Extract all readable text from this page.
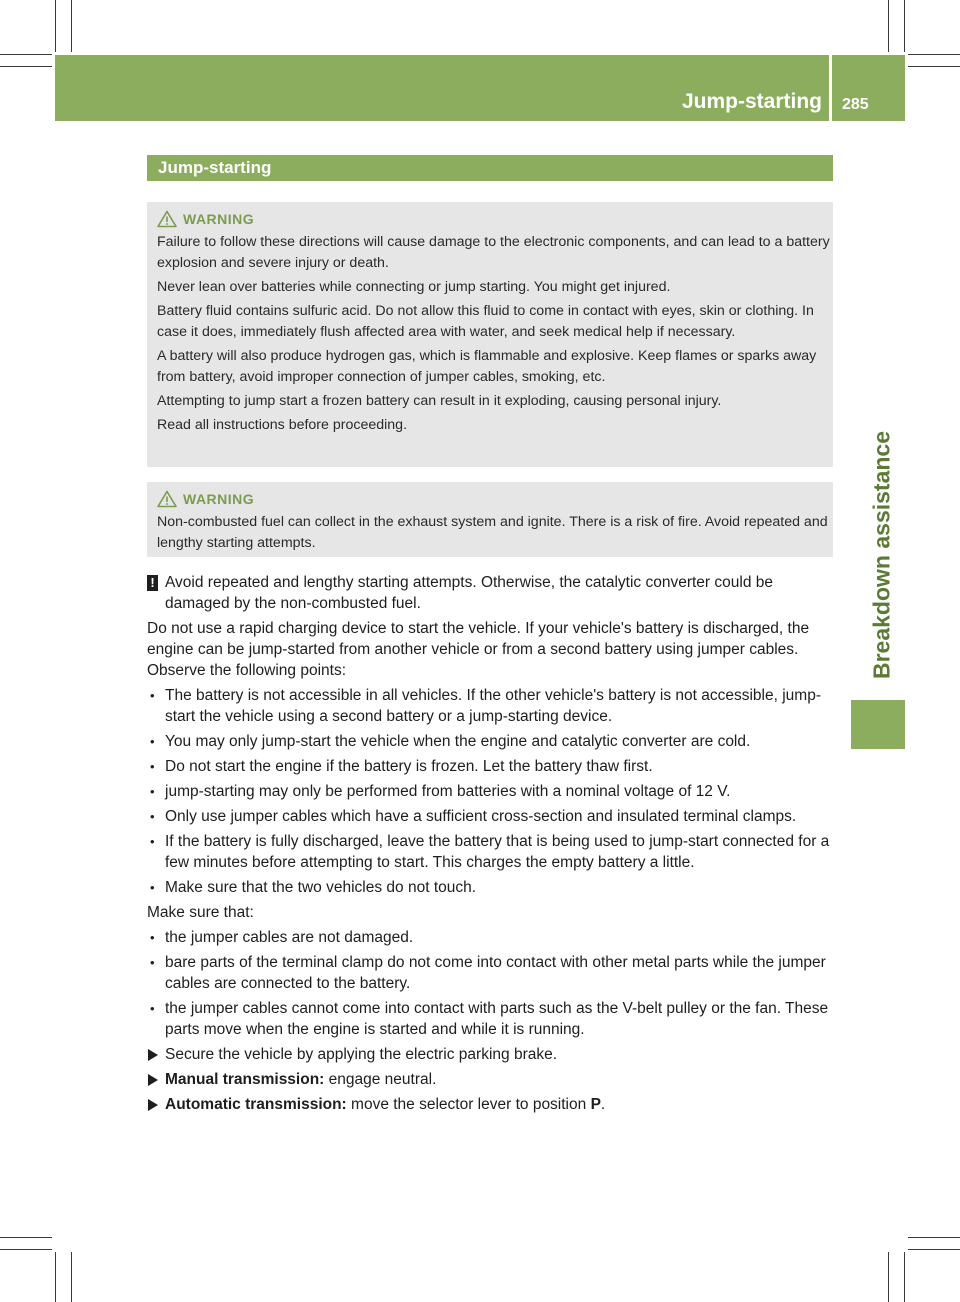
Jump-starting 285
Breakdown assistance
Jump-starting
WARNING

Failure to follow these directions will cause damage to the electronic components, and can lead to a battery explosion and severe injury or death.

Never lean over batteries while connecting or jump starting. You might get injured.

Battery fluid contains sulfuric acid. Do not allow this fluid to come in contact with eyes, skin or clothing. In case it does, immediately flush affected area with water, and seek medical help if necessary.

A battery will also produce hydrogen gas, which is flammable and explosive. Keep flames or sparks away from battery, avoid improper connection of jumper cables, smoking, etc.

Attempting to jump start a frozen battery can result in it exploding, causing personal injury.

Read all instructions before proceeding.

WARNING

Non-combusted fuel can collect in the exhaust system and ignite. There is a risk of fire. Avoid repeated and lengthy starting attempts.

! Avoid repeated and lengthy starting attempts. Otherwise, the catalytic converter could be damaged by the non-combusted fuel.

Do not use a rapid charging device to start the vehicle. If your vehicle's battery is discharged, the engine can be jump-started from another vehicle or from a second battery using jumper cables. Observe the following points:

• The battery is not accessible in all vehicles. If the other vehicle's battery is not accessible, jump-start the vehicle using a second battery or a jump-starting device.
• You may only jump-start the vehicle when the engine and catalytic converter are cold.
• Do not start the engine if the battery is frozen. Let the battery thaw first.
• jump-starting may only be performed from batteries with a nominal voltage of 12 V.
• Only use jumper cables which have a sufficient cross-section and insulated terminal clamps.
• If the battery is fully discharged, leave the battery that is being used to jump-start connected for a few minutes before attempting to start. This charges the empty battery a little.
• Make sure that the two vehicles do not touch.

Make sure that:

• the jumper cables are not damaged.
• bare parts of the terminal clamp do not come into contact with other metal parts while the jumper cables are connected to the battery.
• the jumper cables cannot come into contact with parts such as the V-belt pulley or the fan. These parts move when the engine is started and while it is running.
Secure the vehicle by applying the electric parking brake.
Manual transmission: engage neutral.
Automatic transmission: move the selector lever to position P.
